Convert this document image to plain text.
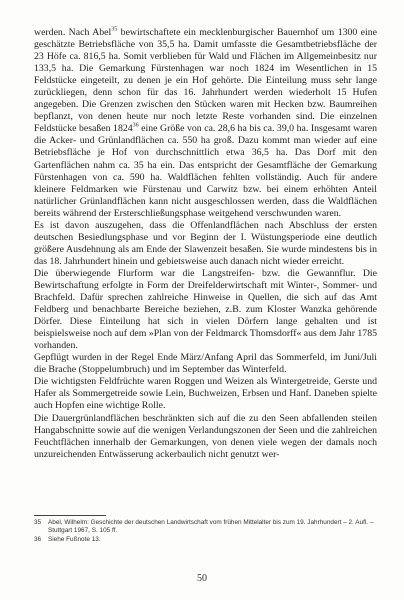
werden. Nach Abel$^{35}$ bewirtschaftete ein mecklenburgischer Bauernhof um 1300 eine geschätzte Betriebsfläche von 35,5 ha. Damit umfasste die Gesamtbetriebsfläche der 23 Höfe ca. 816,5 ha. Somit verblieben für Wald und Flächen im Allgemeinbesitz nur 133,5 ha. Die Gemarkung Fürstenhagen war noch 1824 im Wesentlichen in 15 Feldstücke eingeteilt, zu denen je ein Hof gehörte. Die Einteilung muss sehr lange zurückliegen, denn schon für das 16. Jahrhundert werden wiederholt 15 Hufen angegeben. Die Grenzen zwischen den Stücken waren mit Hecken bzw. Baumreihen bepflanzt, von denen heute nur noch letzte Reste vorhanden sind. Die einzelnen Feldstücke besaßen 1824$^{36}$ eine Größe von ca. 28,6 ha bis ca. 39,0 ha. Insgesamt waren die Acker- und Grünlandflächen ca. 550 ha groß. Dazu kommt man wieder auf eine Betriebsfläche je Hof von durchschnittlich etwa 36,5 ha. Das Dorf mit den Gartenflächen nahm ca. 35 ha ein. Das entspricht der Gesamtfläche der Gemarkung Fürstenhagen von ca. 590 ha. Waldflächen fehlten vollständig. Auch für andere kleinere Feldmarken wie Fürstenau und Carwitz bzw. bei einem erhöhten Anteil natürlicher Grünlandflächen kann nicht ausgeschlossen werden, dass die Waldflächen bereits während der Ersterschließungsphase weitgehend verschwunden waren.

Es ist davon auszugehen, dass die Offenlandflächen nach Abschluss der ersten deutschen Besiedlungsphase und vor Beginn der I. Wüstungsperiode eine deutlich größere Ausdehnung als am Ende der Slawenzeit besaßen. Sie wurde mindestens bis in das 18. Jahrhundert hinein und gebietsweise auch danach nicht wieder erreicht.

Die überwiegende Flurform war die Langstreifen- bzw. die Gewannflur. Die Bewirtschaftung erfolgte in Form der Dreifelderwirtschaft mit Winter-, Sommer- und Brachfeld. Dafür sprechen zahlreiche Hinweise in Quellen, die sich auf das Amt Feldberg und benachbarte Bereiche beziehen, z.B. zum Kloster Wanzka gehörende Dörfer. Diese Einteilung hat sich in vielen Dörfern lange gehalten und ist beispielsweise noch auf dem »Plan von der Feldmarck Thomsdorff« aus dem Jahr 1785 vorhanden.

Gepflügt wurden in der Regel Ende März/Anfang April das Sommerfeld, im Juni/Juli die Brache (Stoppelumbruch) und im September das Winterfeld.

Die wichtigsten Feldfrüchte waren Roggen und Weizen als Wintergetreide, Gerste und Hafer als Sommergetreide sowie Lein, Buchweizen, Erbsen und Hanf. Daneben spielte auch Hopfen eine wichtige Rolle.

Die Dauergrünlandflächen beschränkten sich auf die zu den Seen abfallenden steilen Hangabschnitte sowie auf die wenigen Verlandungszonen der Seen und die zahlreichen Feuchtflächen innerhalb der Gemarkungen, von denen viele wegen der damals noch unzureichenden Entwässerung ackerbaulich nicht genutzt wer-

35	Abel, Wilhelm: Geschichte der deutschen Landwirtschaft vom frühen Mittelalter bis zum 19. Jahrhundert – 2. Aufl. – Stuttgart 1967, S. 105 ff.
36	Siehe Fußnote 13.
50
